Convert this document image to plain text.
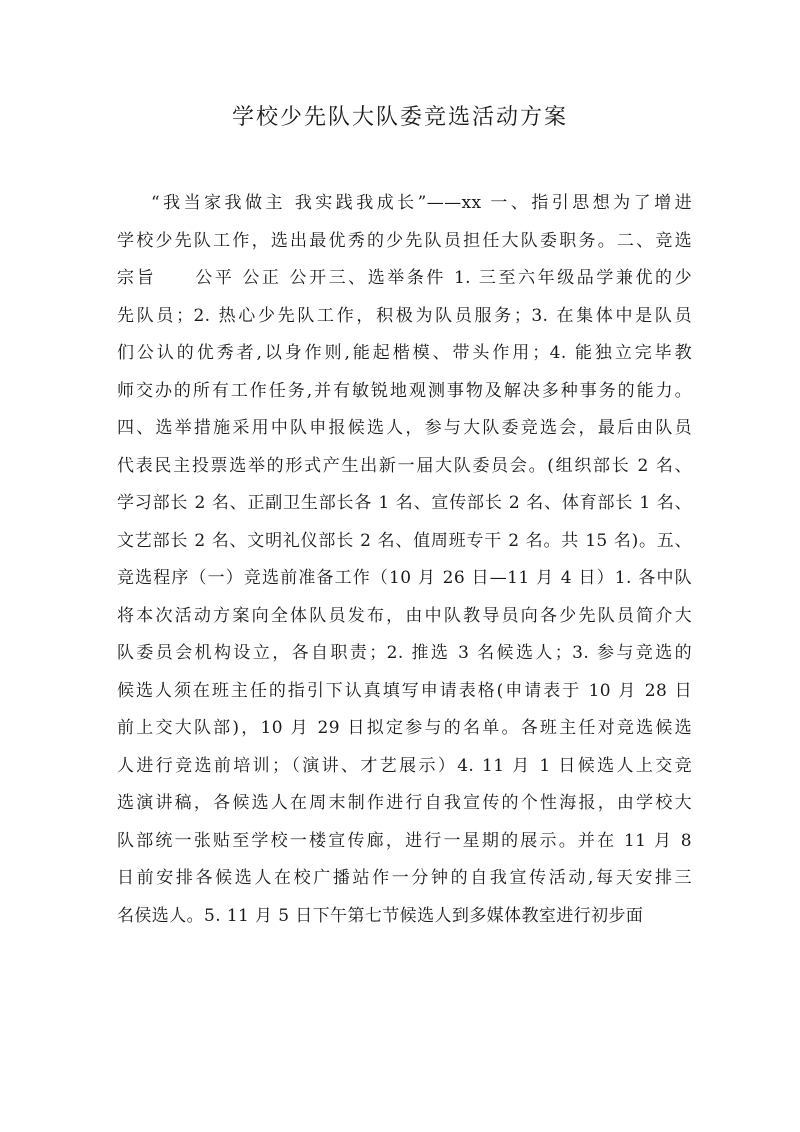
学校少先队大队委竞选活动方案
“我当家我做主 我实践我成长”——xx 一、指引思想为了增进
学校少先队工作，选出最优秀的少先队员担任大队委职务。二、竞选
宗旨　　公平 公正 公开三、选举条件 1. 三至六年级品学兼优的少
先队员；2. 热心少先队工作，积极为队员服务；3. 在集体中是队员
们公认的优秀者,以身作则,能起楷模、带头作用；4. 能独立完毕教
师交办的所有工作任务,并有敏锐地观测事物及解决多种事务的能力。
四、选举措施采用中队申报候选人，参与大队委竞选会，最后由队员
代表民主投票选举的形式产生出新一届大队委员会。(组织部长 2 名、
学习部长 2 名、正副卫生部长各 1 名、宣传部长 2 名、体育部长 1 名、
文艺部长 2 名、文明礼仪部长 2 名、值周班专干 2 名。共 15 名)。五、
竞选程序（一）竞选前准备工作（10 月 26 日—11 月 4 日）1. 各中队
将本次活动方案向全体队员发布，由中队教导员向各少先队员简介大
队委员会机构设立，各自职责；2. 推选 3 名候选人；3. 参与竞选的
候选人须在班主任的指引下认真填写申请表格(申请表于 10 月 28 日
前上交大队部)，10 月 29 日拟定参与的名单。各班主任对竞选候选
人进行竞选前培训；（演讲、才艺展示）4. 11 月 1 日候选人上交竞
选演讲稿，各候选人在周末制作进行自我宣传的个性海报，由学校大
队部统一张贴至学校一楼宣传廊，进行一星期的展示。并在 11 月 8
日前安排各候选人在校广播站作一分钟的自我宣传活动,每天安排三
名侯选人。5. 11 月 5 日下午第七节候选人到多媒体教室进行初步面
